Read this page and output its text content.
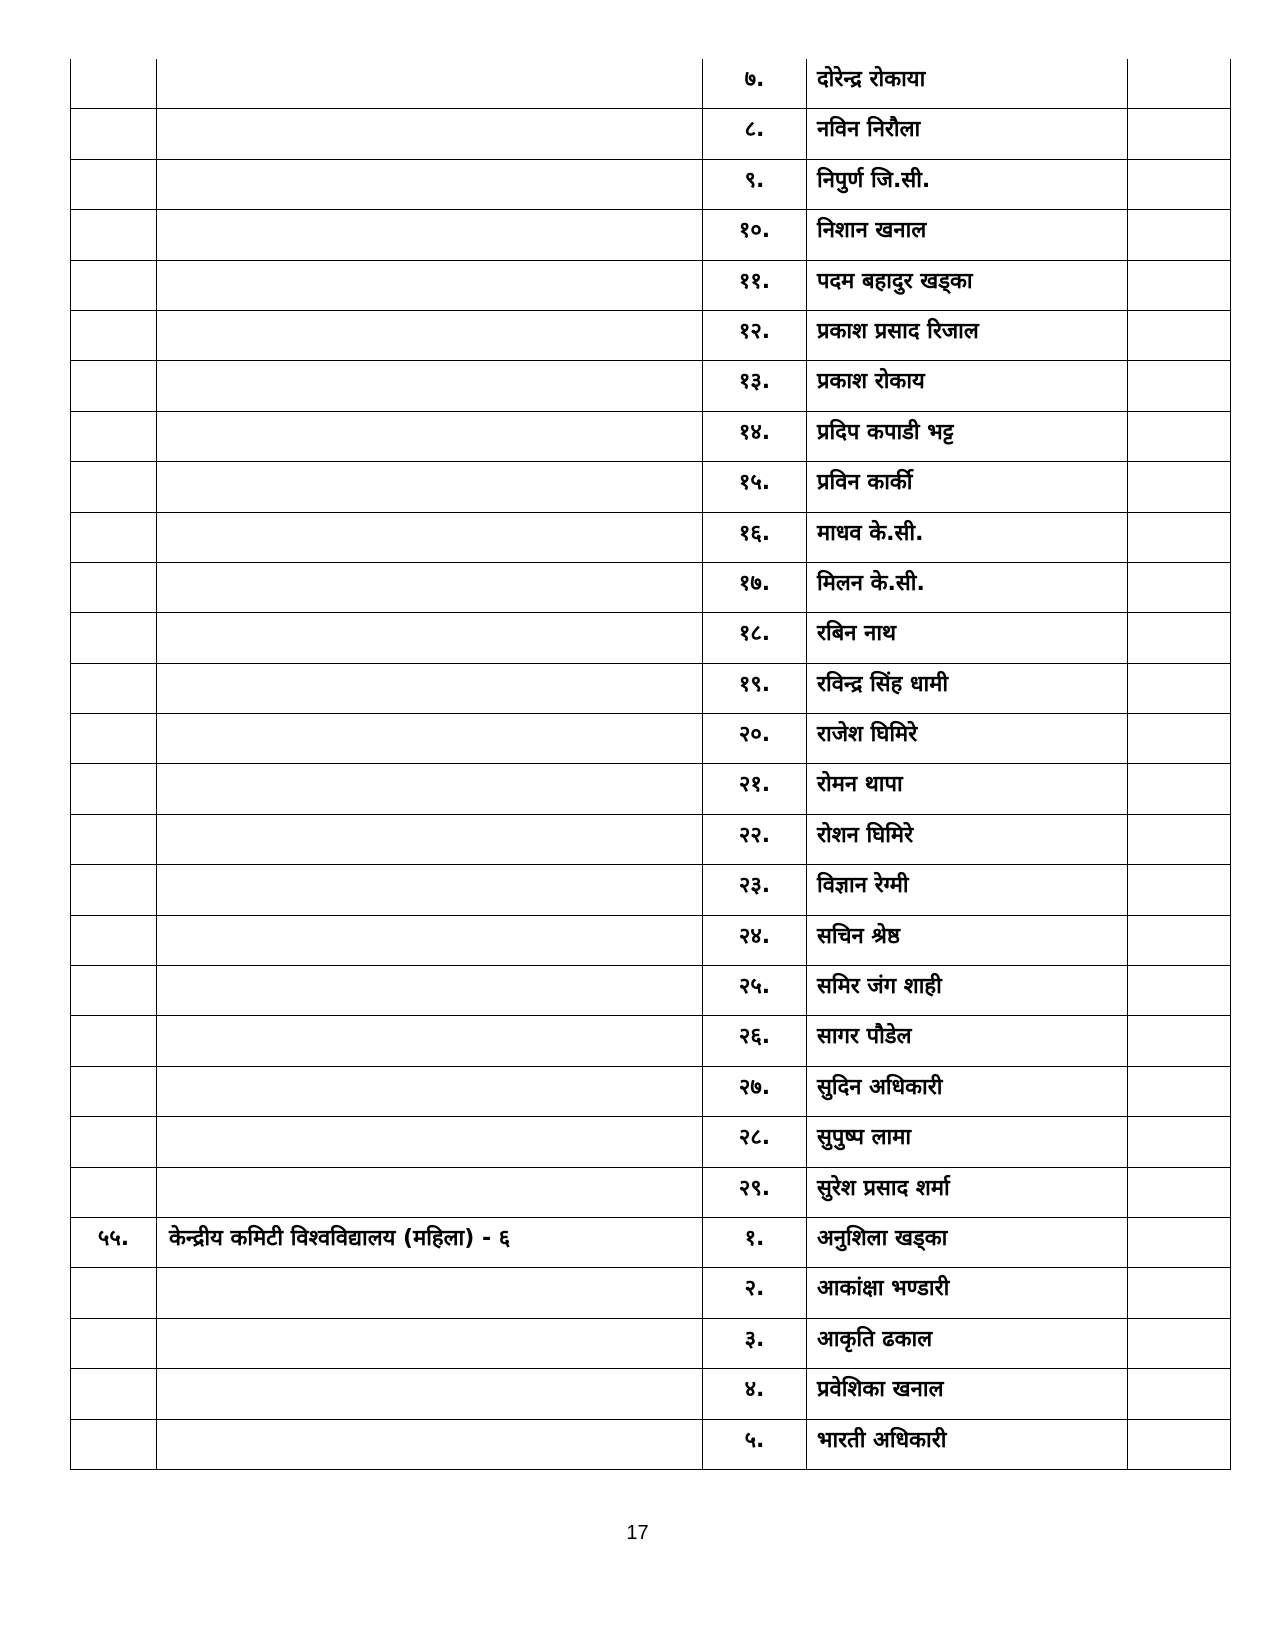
		७.	दोरेन्द्र रोकाया	

		८.	नविन निरौला	

		९.	निपुर्ण जि.सी.	

		१०.	निशान खनाल	

		११.	पदम बहादुर खड्का	

		१२.	प्रकाश प्रसाद रिजाल	

		१३.	प्रकाश रोकाय	

		१४.	प्रदिप कपाडी भट्ट	

		१५.	प्रविन कार्की	

		१६.	माधव के.सी.	

		१७.	मिलन के.सी.	

		१८.	रबिन नाथ	

		१९.	रविन्द्र सिंह धामी	

		२०.	राजेश घिमिरे	

		२१.	रोमन थापा	

		२२.	रोशन घिमिरे	

		२३.	विज्ञान रेग्मी	

		२४.	सचिन श्रेष्ठ	

		२५.	समिर जंग शाही	

		२६.	सागर पौडेल	

		२७.	सुदिन अधिकारी	

		२८.	सुपुष्प लामा	

		२९.	सुरेश प्रसाद शर्मा	

५५.	केन्द्रीय कमिटी विश्वविद्यालय (महिला) - ६	१.	अनुशिला खड्का	

		२.	आकांक्षा भण्डारी	

		३.	आकृति ढकाल	

		४.	प्रवेशिका खनाल	

		५.	भारती अधिकारी	

17
